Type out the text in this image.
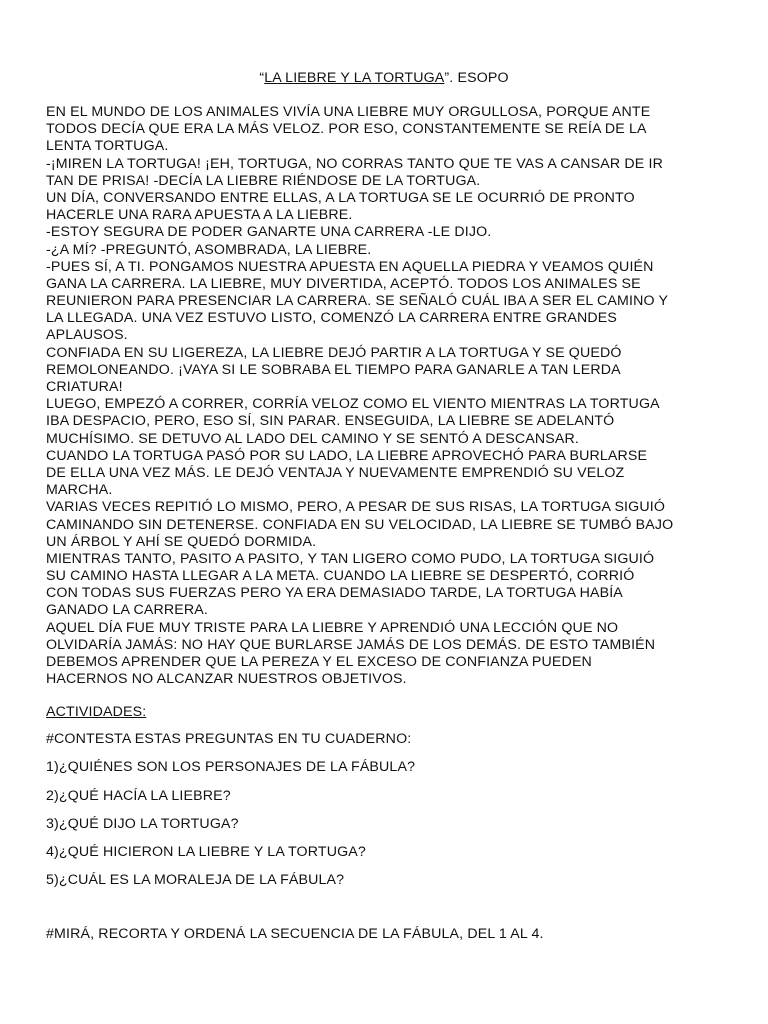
“LA LIEBRE Y LA TORTUGA”. ESOPO
EN EL MUNDO DE LOS ANIMALES VIVÍA UNA LIEBRE MUY ORGULLOSA, PORQUE ANTE
TODOS DECÍA QUE ERA LA MÁS VELOZ. POR ESO, CONSTANTEMENTE SE REÍA DE LA
LENTA TORTUGA.
-¡MIREN LA TORTUGA! ¡EH, TORTUGA, NO CORRAS TANTO QUE TE VAS A CANSAR DE IR
TAN DE PRISA! -DECÍA LA LIEBRE RIÉNDOSE DE LA TORTUGA.
UN DÍA, CONVERSANDO ENTRE ELLAS, A LA TORTUGA SE LE OCURRIÓ DE PRONTO
HACERLE UNA RARA APUESTA A LA LIEBRE.
-ESTOY SEGURA DE PODER GANARTE UNA CARRERA -LE DIJO.
-¿A MÍ? -PREGUNTÓ, ASOMBRADA, LA LIEBRE.
-PUES SÍ, A TI. PONGAMOS NUESTRA APUESTA EN AQUELLA PIEDRA Y VEAMOS QUIÉN
GANA LA CARRERA. LA LIEBRE, MUY DIVERTIDA, ACEPTÓ. TODOS LOS ANIMALES SE
REUNIERON PARA PRESENCIAR LA CARRERA. SE SEÑALÓ CUÁL IBA A SER EL CAMINO Y
LA LLEGADA. UNA VEZ ESTUVO LISTO, COMENZÓ LA CARRERA ENTRE GRANDES
APLAUSOS.
CONFIADA EN SU LIGEREZA, LA LIEBRE DEJÓ PARTIR A LA TORTUGA Y SE QUEDÓ
REMOLONEANDO. ¡VAYA SI LE SOBRABA EL TIEMPO PARA GANARLE A TAN LERDA
CRIATURA!
LUEGO, EMPEZÓ A CORRER, CORRÍA VELOZ COMO EL VIENTO MIENTRAS LA TORTUGA
IBA DESPACIO, PERO, ESO SÍ, SIN PARAR. ENSEGUIDA, LA LIEBRE SE ADELANTÓ
MUCHÍSIMO. SE DETUVO AL LADO DEL CAMINO Y SE SENTÓ A DESCANSAR.
CUANDO LA TORTUGA PASÓ POR SU LADO, LA LIEBRE APROVECHÓ PARA BURLARSE
DE ELLA UNA VEZ MÁS. LE DEJÓ VENTAJA Y NUEVAMENTE EMPRENDIÓ SU VELOZ
MARCHA.
VARIAS VECES REPITIÓ LO MISMO, PERO, A PESAR DE SUS RISAS, LA TORTUGA SIGUIÓ
CAMINANDO SIN DETENERSE. CONFIADA EN SU VELOCIDAD, LA LIEBRE SE TUMBÓ BAJO
UN ÁRBOL Y AHÍ SE QUEDÓ DORMIDA.
MIENTRAS TANTO, PASITO A PASITO, Y TAN LIGERO COMO PUDO, LA TORTUGA SIGUIÓ
SU CAMINO HASTA LLEGAR A LA META. CUANDO LA LIEBRE SE DESPERTÓ, CORRIÓ
CON TODAS SUS FUERZAS PERO YA ERA DEMASIADO TARDE, LA TORTUGA HABÍA
GANADO LA CARRERA.
AQUEL DÍA FUE MUY TRISTE PARA LA LIEBRE Y APRENDIÓ UNA LECCIÓN QUE NO
OLVIDARÍA JAMÁS: NO HAY QUE BURLARSE JAMÁS DE LOS DEMÁS. DE ESTO TAMBIÉN
DEBEMOS APRENDER QUE LA PEREZA Y EL EXCESO DE CONFIANZA PUEDEN
HACERNOS NO ALCANZAR NUESTROS OBJETIVOS.
ACTIVIDADES:
#CONTESTA ESTAS PREGUNTAS EN TU CUADERNO:
1)¿QUIÉNES SON LOS PERSONAJES DE LA FÁBULA?
2)¿QUÉ HACÍA LA LIEBRE?
3)¿QUÉ DIJO LA TORTUGA?
4)¿QUÉ HICIERON LA LIEBRE Y LA TORTUGA?
5)¿CUÁL ES LA MORALEJA DE LA FÁBULA?
#MIRÁ, RECORTA Y ORDENÁ LA SECUENCIA DE LA FÁBULA, DEL 1 AL 4.
